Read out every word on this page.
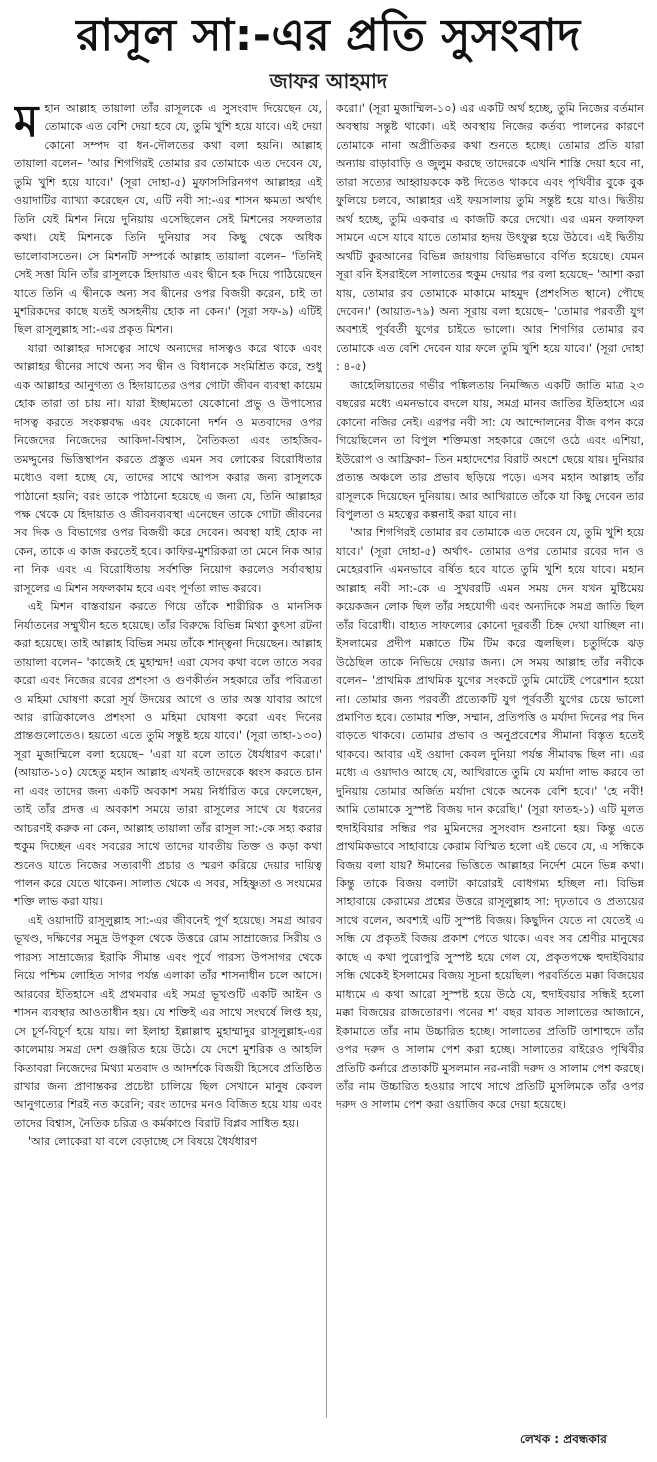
রাসূল সা:-এর প্রতি সুসংবাদ
জাফর আহমাদ

মহান আল্লাহ তায়ালা তাঁর রাসূলকে এ সুসংবাদ দিয়েছেন যে, তোমাকে এত বেশি দেয়া হবে যে, তুমি খুশি হয়ে যাবে। এই দেয়া কোনো সম্পদ বা ধন-দৌলতের কথা বলা হয়নি। আল্লাহ তায়ালা বলেন– 'আর শিগগিরই তোমার রব তোমাকে এত দেবেন যে, তুমি খুশি হয়ে যাবে।' (সূরা দোহা-৫) মুফাসসিরিনগণ আল্লাহর এই ওয়াদাটির ব্যাখ্যা করেছেন যে, এটি নবী সা:-এর শাসন ক্ষমতা অর্থাৎ তিনি যেই মিশন নিয়ে দুনিয়ায় এসেছিলেন সেই মিশনের সফলতার কথা। যেই মিশনকে তিনি দুনিয়ার সব কিছু থেকে অধিক ভালোবাসতেন। সে মিশনটি সম্পর্কে আল্লাহ তায়ালা বলেন– 'তিনিই সেই সত্তা যিনি তাঁর রাসূলকে হিদায়াত এবং দ্বীনে হক দিয়ে পাঠিয়েছেন যাতে তিনি এ দ্বীনকে অন্য সব দ্বীনের ওপর বিজয়ী করেন, চাই তা মুশরিকদের কাছে যতই অসহনীয় হোক না কেন।' (সূরা সফ-৯) এটিই ছিল রাসূলুল্লাহ সা:-এর প্রকৃত মিশন।

যারা আল্লাহর দাসত্বের সাথে অন্যদের দাসত্বও করে থাকে এবং আল্লাহর দ্বীনের সাথে অন্য সব দ্বীন ও বিধানকে সংমিশ্রিত করে, শুধু এক আল্লাহর আনুগত্য ও হিদায়াতের ওপর গোটা জীবন ব্যবস্থা কায়েম হোক তারা তা চায় না। যারা ইচ্ছামতো যেকোনো প্রভু ও উপাস্যের দাসত্ব করতে সংকল্পবদ্ধ এবং যেকোনো দর্শন ও মতবাদের ওপর নিজেদের নিজেদের আকিদা-বিশ্বাস, নৈতিকতা এবং তাহজিব-তমদ্দুনের ভিত্তিস্থাপন করতে প্রস্তুত এমন সব লোকের বিরোধিতার মধ্যেও বলা হচ্ছে যে, তাদের সাথে আপস করার জন্য রাসূলকে পাঠানো হয়নি; বরং তাকে পাঠানো হয়েছে এ জন্য যে, তিনি আল্লাহর পক্ষ থেকে যে হিদায়াত ও জীবনব্যবস্থা এনেছেন তাকে গোটা জীবনের সব দিক ও বিভাগের ওপর বিজয়ী করে দেবেন। অবস্থা যাই হোক না কেন, তাকে এ কাজ করতেই হবে। কাফির-মুশরিকরা তা মেনে নিক আর না নিক এবং এ বিরোধিতায় সর্বশক্তি নিয়োগ করলেও সর্বাবস্থায় রাসূলের এ মিশন সফলকাম হবে এবং পূর্ণতা লাভ করবে।

এই মিশন বাস্তবায়ন করতে গিয়ে তাঁকে শারীরিক ও মানসিক নির্যাতনের সম্মুখীন হতে হয়েছে। তাঁর বিরুদ্ধে বিভিন্ন মিথ্যা কুৎসা রটনা করা হয়েছে। তাই আল্লাহ বিভিন্ন সময় তাঁকে শান্ত্বনা দিয়েছেন। আল্লাহ তায়ালা বলেন– 'কাজেই হে মুহাম্মদ! এরা যেসব কথা বলে তাতে সবর করো এবং নিজের রবের প্রশংসা ও গুণকীর্তন সহকারে তাঁর পবিত্রতা ও মহিমা ঘোষণা করো সূর্য উদয়ের আগে ও তার অস্ত যাবার আগে আর রাত্রিকালেও প্রশংসা ও মহিমা ঘোষণা করো এবং দিনের প্রান্তগুলোতেও। হয়তো এতে তুমি সন্তুষ্ট হয়ে যাবে।' (সূরা তাহা-১৩০) সূরা মুজাম্মিলে বলা হয়েছে– 'এরা যা বলে তাতে ধৈর্যধারণ করো।' (আয়াত-১০) যেহেতু মহান আল্লাহ এখনই তাদেরকে ধ্বংস করতে চান না এবং তাদের জন্য একটি অবকাশ সময় নির্ধারিত করে ফেলেছেন, তাই তাঁর প্রদত্ত এ অবকাশ সময়ে তারা রাসূলের সাথে যে ধরনের আচরণই করুক না কেন, আল্লাহ তায়ালা তাঁর রাসূল সা:-কে সহ্য করার হুকুম দিচ্ছেন এবং সবরের সাথে তাদের যাবতীয় তিক্ত ও কড়া কথা শুনেও যাতে নিজের সত্যবাণী প্রচার ও স্মরণ করিয়ে দেয়ার দায়িত্ব পালন করে যেতে থাকেন। সালাত থেকে এ সবর, সহিষ্ণুতা ও সংযমের শক্তি লাভ করা যায়।

এই ওয়াদাটি রাসূলুল্লাহ সা:-এর জীবনেই পূর্ণ হয়েছে। সমগ্র আরব ভূখণ্ড, দক্ষিণের সমুদ্র উপকূল থেকে উত্তরে রোম সাম্রাজ্যের সিরীয় ও পারস্য সাম্রাজ্যের ইরাকি সীমান্ত এবং পূর্বে পারস্য উপসাগর থেকে নিয়ে পশ্চিম লোহিত সাগর পর্যন্ত এলাকা তাঁর শাসনাধীন চলে আসে। আরবের ইতিহাসে এই প্রথমবার এই সমগ্র ভূখণ্ডটি একটি আইন ও শাসন ব্যবস্থার আওতাধীন হয়। যে শক্তিই এর সাথে সংঘর্ষে লিপ্ত হয়, সে চূর্ণ-বিচূর্ণ হয়ে যায়। লা ইলাহা ইল্লাল্লাহু মুহাম্মাদুর রাসূলুল্লাহ-এর কালেমায় সমগ্র দেশ গুঞ্জরিত হয়ে উঠে। যে দেশে মুশরিক ও আহলি কিতাবরা নিজেদের মিথ্যা মতবাদ ও আদর্শকে বিজয়ী হিসেবে প্রতিষ্ঠিত রাখার জন্য প্রাণান্তকর প্রচেষ্টা চালিয়ে ছিল সেখানে মানুষ কেবল আনুগত্যের শিরই নত করেনি; বরং তাদের মনও বিজিত হয়ে যায় এবং তাদের বিশ্বাস, নৈতিক চরিত্র ও কর্মকাণ্ডে বিরাট বিপ্লব সাধিত হয়।

'আর লোকেরা যা বলে বেড়াচ্ছে সে বিষয়ে ধৈর্যধারণ

করো।' (সূরা মুজাম্মিল-১০) এর একটি অর্থ হচ্ছে, তুমি নিজের বর্তমান অবস্থায় সন্তুষ্ট থাকো। এই অবস্থায় নিজের কর্তব্য পালনের কারণে তোমাকে নানা অপ্রীতিকর কথা শুনতে হচ্ছে। তোমার প্রতি যারা অন্যায় বাড়াবাড়ি ও জুলুম করছে তাদেরকে এখনি শাস্তি দেয়া হবে না, তারা সত্যের আহ্বায়ককে কষ্ট দিতেও থাকবে এবং পৃথিবীর বুকে বুক ফুলিয়ে চলবে, আল্লাহর এই ফয়সালায় তুমি সন্তুষ্ট হয়ে যাও। দ্বিতীয় অর্থ হচ্ছে, তুমি একবার এ কাজটি করে দেখো। এর এমন ফলাফল সামনে এসে যাবে যাতে তোমার হৃদয় উৎফুল্ল হয়ে উঠবে। এই দ্বিতীয় অর্থটি কুরআনের বিভিন্ন জায়গায় বিভিন্নভাবে বর্ণিত হয়েছে। যেমন সূরা বনি ইসরাইলে সালাতের হুকুম দেয়ার পর বলা হয়েছে– 'আশা করা যায়, তোমার রব তোমাকে মাকামে মাহমুদ (প্রশংসিত স্থানে) পৌছে দেবেন।' (আয়াত-৭৯) অন্য সূরায় বলা হয়েছে– 'তোমার পরবর্তী যুগ অবশ্যই পূর্ববর্তী যুগের চাইতে ভালো। আর শিগগির তোমার রব তোমাকে এত বেশি দেবেন যার ফলে তুমি খুশি হয়ে যাবে।' (সূরা দোহা : ৪-৫)

জাহেলিয়াতের গভীর পঙ্কিলতায় নিমজ্জিত একটি জাতি মাত্র ২৩ বছরের মধ্যে এমনভাবে বদলে যায়, সমগ্র মানব জাতির ইতিহাসে এর কোনো নজির নেই। এরপর নবী সা: যে আন্দোলনের বীজ বপন করে গিয়েছিলেন তা বিপুল শক্তিমত্তা সহকারে জেগে ওঠে এবং এশিয়া, ইউরোপ ও আফ্রিকা– তিন মহাদেশের বিরাট অংশে ছেয়ে যায়। দুনিয়ার প্রত্যন্ত অঞ্চলে তার প্রভাব ছড়িয়ে পড়ে। এসব মহান আল্লাহ তাঁর রাসূলকে দিয়েছেন দুনিয়ায়। আর আখিরাতে তাঁকে যা কিছু দেবেন তার বিপুলতা ও মহত্বের কল্পনাই করা যাবে না।

'আর শিগগিরই তোমার রব তোমাকে এত দেবেন যে, তুমি খুশি হয়ে যাবে।' (সূরা দোহা-৫) অর্থাৎ- তোমার ওপর তোমার রবের দান ও মেহেরবানি এমনভাবে বর্ষিত হবে যাতে তুমি খুশি হয়ে যাবে। মহান আল্লাহ নবী সা:-কে এ সুখবরটি এমন সময় দেন যখন মুষ্টিমেয় কয়েকজন লোক ছিল তাঁর সহযোগী এবং অন্যদিকে সমগ্র জাতি ছিল তাঁর বিরোধী। বাহ্যত সাফল্যের কোনো দূরবর্তী চিহ্ন দেখা যাচ্ছিল না। ইসলামের প্রদীপ মক্কাতে টিম টিম করে জ্বলছিল। চতুর্দিকে ঝড় উঠেছিল তাকে নিভিয়ে দেয়ার জন্য। সে সময় আল্লাহ তাঁর নবীকে বলেন– 'প্রাথমিক প্রাথমিক যুগের সংকটে তুমি মোটেই পেরেশান হয়ো না। তোমার জন্য পরবর্তী প্রত্যেকটি যুগ পূর্ববর্তী যুগের চেয়ে ভালো প্রমাণিত হবে। তোমার শক্তি, সম্মান, প্রতিপত্তি ও মর্যাদা দিনের পর দিন বাড়তে থাকবে। তোমার প্রভাব ও অনুপ্রবেশের সীমানা বিস্তৃত হতেই থাকবে। আবার এই ওয়াদা কেবল দুনিয়া পর্যন্ত সীমাবদ্ধ ছিল না। এর মধ্যে এ ওয়াদাও আছে যে, আখিরাতে তুমি যে মর্যাদা লাভ করবে তা দুনিয়ায় তোমার অর্জিত মর্যাদা থেকে অনেক বেশি হবে।' 'হে নবী! আমি তোমাকে সুস্পষ্ট বিজয় দান করেছি।' (সূরা ফাতহ-১) এটি মূলত হুদাইবিয়ার সন্ধির পর মুমিনদের সুসংবাদ শুনানো হয়। কিন্তু এতে প্রাথমিকভাবে সাহাবায়ে কেরাম বিস্মিত হলো এই ভেবে যে, এ সন্ধিকে বিজয় বলা যায়? ঈমানের ভিত্তিতে আল্লাহর নির্দেশ মেনে ভিন্ন কথা। কিন্তু তাকে বিজয় বলাটা কারোরই বোধগম্য হচ্ছিল না। বিভিন্ন সাহাবায়ে কেরামের প্রশ্নের উত্তরে রাসূলুল্লাহ সা: দৃঢ়তাবে ও প্রত্যয়ের সাথে বলেন, অবশ্যই এটি সুস্পষ্ট বিজয়। কিছুদিন যেতে না যেতেই এ সন্ধি যে প্রকৃতই বিজয় প্রকাশ পেতে থাকে। এবং সব শ্রেণীর মানুষের কাছে এ কথা পুরোপুরি সুস্পষ্ট হয়ে গেল যে, প্রকৃতপক্ষে হুদাইবিয়ার সন্ধি থেকেই ইসলামের বিজয় সূচনা হয়েছিল। পরবর্তিতে মক্কা বিজয়ের মাধ্যমে এ কথা আরো সুস্পষ্ট হয়ে উঠে যে, হুদাইবয়ার সন্ধিই হলো মক্কা বিজয়ের রাজতোরণ। পনের শ' বছর যাবত সালাতের আজানে, ইকামাতে তাঁর নাম উচ্চারিত হচ্ছে। সালাতের প্রতিটি তাশাহুদে তাঁর ওপর দরুদ ও সালাম পেশ করা হচ্ছে। সালাতের বাইরেও পৃথিবীর প্রতিটি কর্নারে প্রত্যকটি মুসলমান নর-নারী দরুদ ও সালাম পেশ করছে। তাঁর নাম উচ্চারিত হওয়ার সাথে সাথে প্রতিটি মুসলিমকে তাঁর ওপর দরুদ ও সালাম পেশ করা ওয়াজিব করে দেয়া হয়েছে।

লেখক : প্রবন্ধকার
